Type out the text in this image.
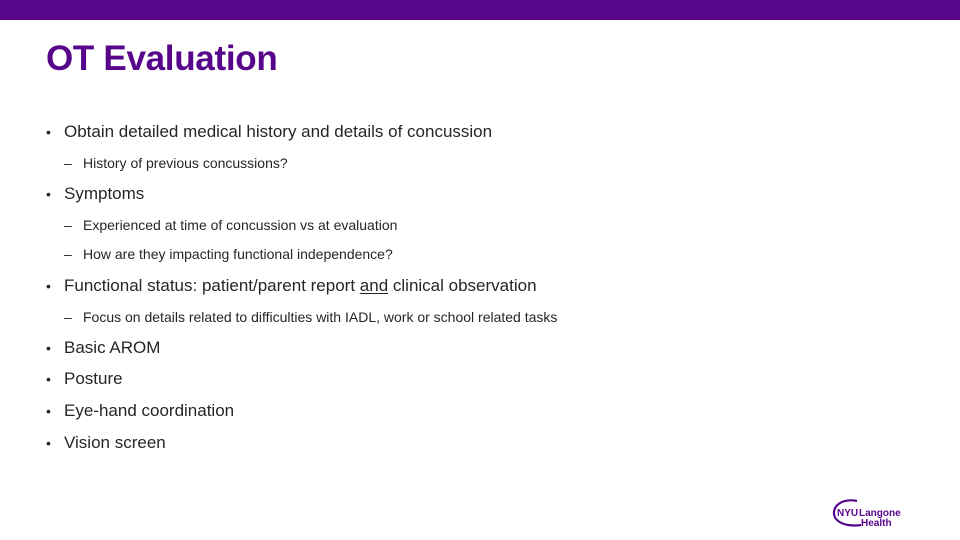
OT Evaluation
• Obtain detailed medical history and details of concussion
– History of previous concussions?
• Symptoms
– Experienced at time of concussion vs at evaluation
– How are they impacting functional independence?
• Functional status: patient/parent report and clinical observation
– Focus on details related to difficulties with IADL, work or school related tasks
• Basic AROM
• Posture
• Eye-hand coordination
• Vision screen
NYU Langone
Health
